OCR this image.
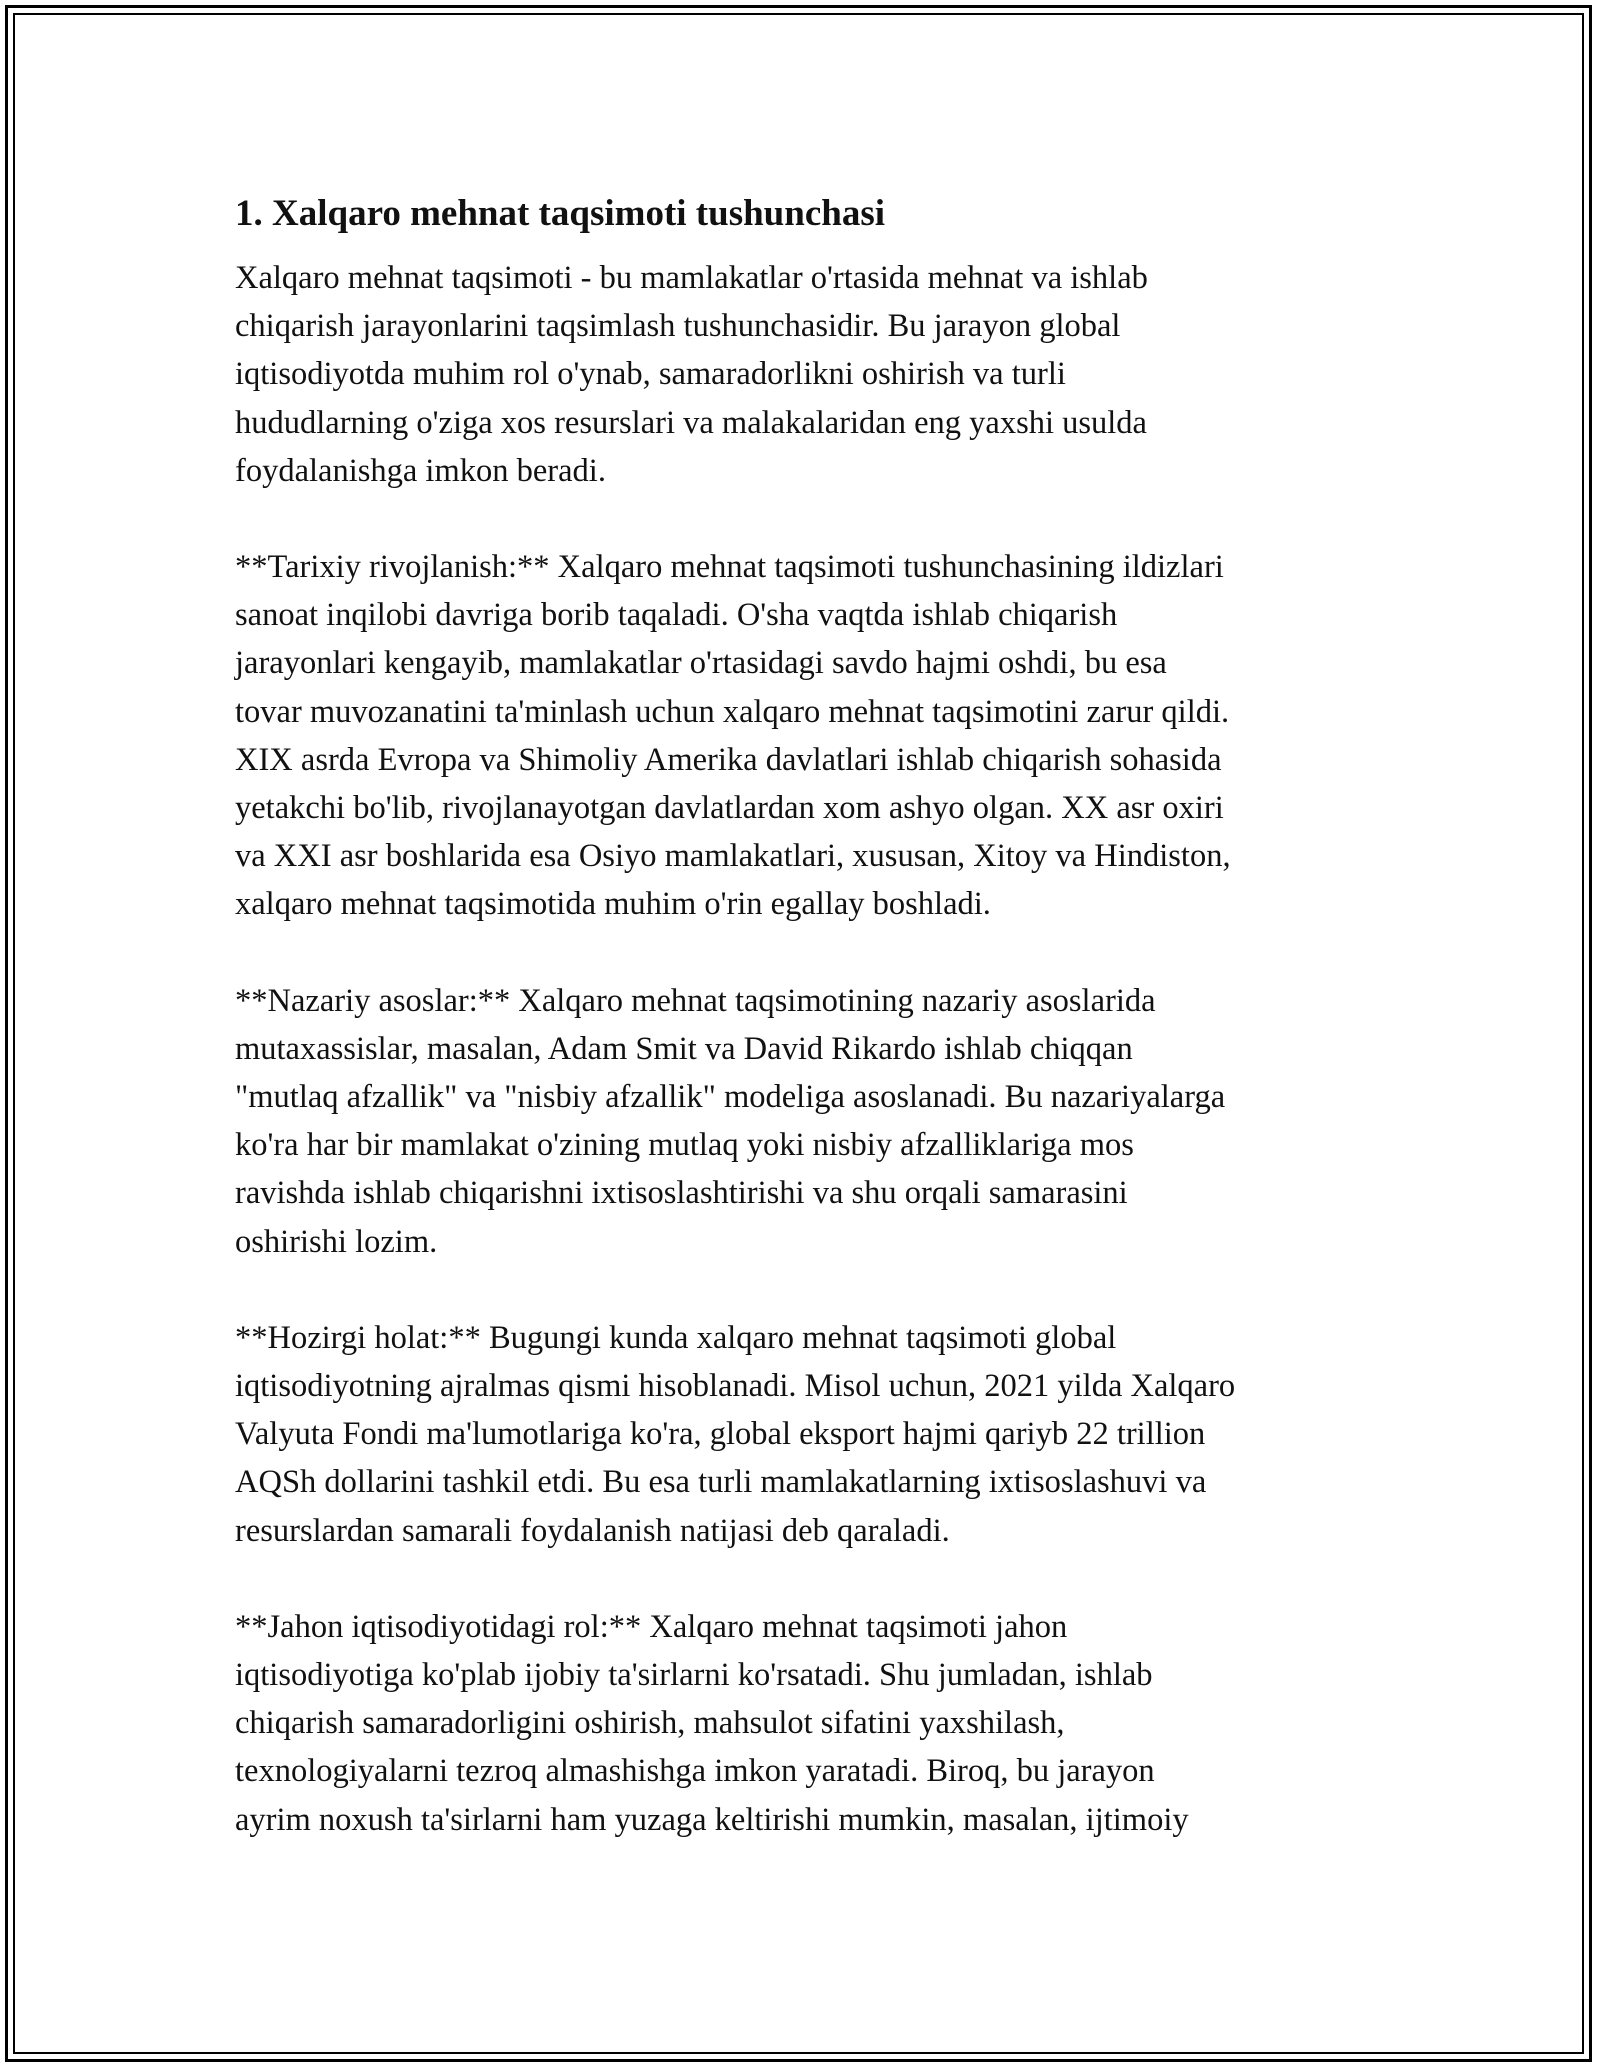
1. Xalqaro mehnat taqsimoti tushunchasi

Xalqaro mehnat taqsimoti - bu mamlakatlar o'rtasida mehnat va ishlab
chiqarish jarayonlarini taqsimlash tushunchasidir. Bu jarayon global
iqtisodiyotda muhim rol o'ynab, samaradorlikni oshirish va turli
hududlarning o'ziga xos resurslari va malakalaridan eng yaxshi usulda
foydalanishga imkon beradi.

**Tarixiy rivojlanish:** Xalqaro mehnat taqsimoti tushunchasining ildizlari
sanoat inqilobi davriga borib taqaladi. O'sha vaqtda ishlab chiqarish
jarayonlari kengayib, mamlakatlar o'rtasidagi savdo hajmi oshdi, bu esa
tovar muvozanatini ta'minlash uchun xalqaro mehnat taqsimotini zarur qildi.
XIX asrda Evropa va Shimoliy Amerika davlatlari ishlab chiqarish sohasida
yetakchi bo'lib, rivojlanayotgan davlatlardan xom ashyo olgan. XX asr oxiri
va XXI asr boshlarida esa Osiyo mamlakatlari, xususan, Xitoy va Hindiston,
xalqaro mehnat taqsimotida muhim o'rin egallay boshladi.

**Nazariy asoslar:** Xalqaro mehnat taqsimotining nazariy asoslarida
mutaxassislar, masalan, Adam Smit va David Rikardo ishlab chiqqan
"mutlaq afzallik" va "nisbiy afzallik" modeliga asoslanadi. Bu nazariyalarga
ko'ra har bir mamlakat o'zining mutlaq yoki nisbiy afzalliklariga mos
ravishda ishlab chiqarishni ixtisoslashtirishi va shu orqali samarasini
oshirishi lozim.

**Hozirgi holat:** Bugungi kunda xalqaro mehnat taqsimoti global
iqtisodiyotning ajralmas qismi hisoblanadi. Misol uchun, 2021 yilda Xalqaro
Valyuta Fondi ma'lumotlariga ko'ra, global eksport hajmi qariyb 22 trillion
AQSh dollarini tashkil etdi. Bu esa turli mamlakatlarning ixtisoslashuvi va
resurslardan samarali foydalanish natijasi deb qaraladi.

**Jahon iqtisodiyotidagi rol:** Xalqaro mehnat taqsimoti jahon
iqtisodiyotiga ko'plab ijobiy ta'sirlarni ko'rsatadi. Shu jumladan, ishlab
chiqarish samaradorligini oshirish, mahsulot sifatini yaxshilash,
texnologiyalarni tezroq almashishga imkon yaratadi. Biroq, bu jarayon
ayrim noxush ta'sirlarni ham yuzaga keltirishi mumkin, masalan, ijtimoiy
